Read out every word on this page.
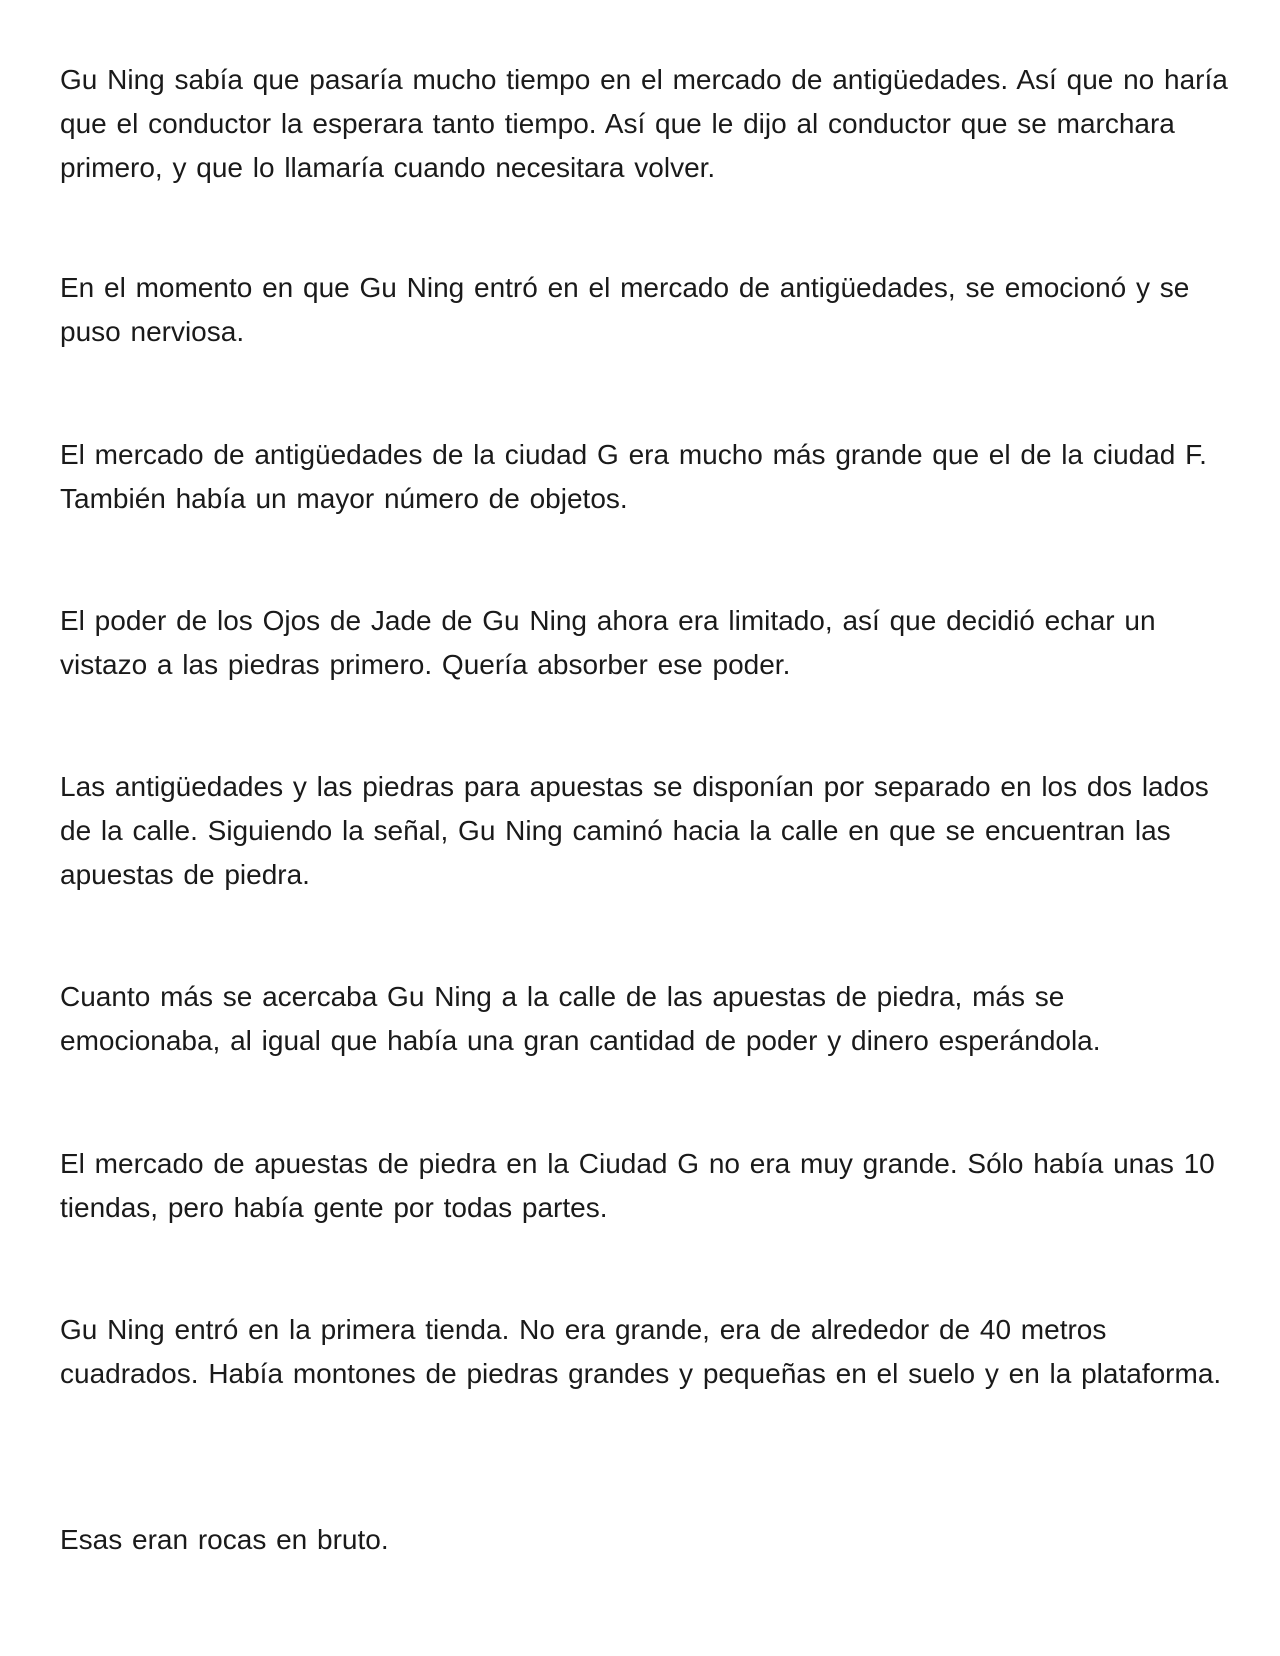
Gu Ning sabía que pasaría mucho tiempo en el mercado de antigüedades. Así que no haría que el conductor la esperara tanto tiempo. Así que le dijo al conductor que se marchara primero, y que lo llamaría cuando necesitara volver.

En el momento en que Gu Ning entró en el mercado de antigüedades, se emocionó y se puso nerviosa.

El mercado de antigüedades de la ciudad G era mucho más grande que el de la ciudad F. También había un mayor número de objetos.

El poder de los Ojos de Jade de Gu Ning ahora era limitado, así que decidió echar un vistazo a las piedras primero. Quería absorber ese poder.

Las antigüedades y las piedras para apuestas se disponían por separado en los dos lados de la calle. Siguiendo la señal, Gu Ning caminó hacia la calle en que se encuentran las apuestas de piedra.

Cuanto más se acercaba Gu Ning a la calle de las apuestas de piedra, más se emocionaba, al igual que había una gran cantidad de poder y dinero esperándola.

El mercado de apuestas de piedra en la Ciudad G no era muy grande. Sólo había unas 10 tiendas, pero había gente por todas partes.

Gu Ning entró en la primera tienda. No era grande, era de alrededor de 40 metros cuadrados. Había montones de piedras grandes y pequeñas en el suelo y en la plataforma.

Esas eran rocas en bruto.
